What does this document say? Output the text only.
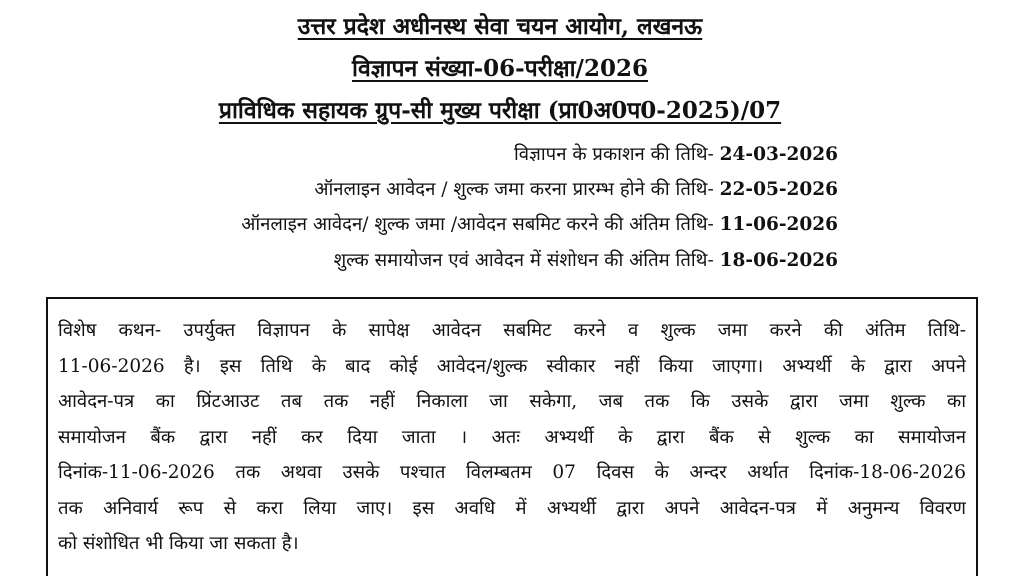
उत्तर प्रदेश अधीनस्थ सेवा चयन आयोग, लखनऊ
विज्ञापन संख्या-06-परीक्षा/2026
प्राविधिक सहायक ग्रुप-सी मुख्य परीक्षा (प्रा0अ0प0-2025)/07
विज्ञापन के प्रकाशन की तिथि- 24-03-2026
ऑनलाइन आवेदन / शुल्क जमा करना प्रारम्भ होने की तिथि- 22-05-2026
ऑनलाइन आवेदन/ शुल्क जमा /आवेदन सबमिट करने की अंतिम तिथि- 11-06-2026
शुल्क समायोजन एवं आवेदन में संशोधन की अंतिम तिथि- 18-06-2026
विशेष कथन- उपर्युक्त विज्ञापन के सापेक्ष आवेदन सबमिट करने व शुल्क जमा करने की अंतिम तिथि-
11-06-2026 है। इस तिथि के बाद कोई आवेदन/शुल्क स्वीकार नहीं किया जाएगा। अभ्यर्थी के द्वारा अपने
आवेदन-पत्र का प्रिंटआउट तब तक नहीं निकाला जा सकेगा, जब तक कि उसके द्वारा जमा शुल्क का
समायोजन बैंक द्वारा नहीं कर दिया जाता । अतः अभ्यर्थी के द्वारा बैंक से शुल्क का समायोजन
दिनांक-11-06-2026 तक अथवा उसके पश्चात विलम्बतम 07 दिवस के अन्दर अर्थात दिनांक-18-06-2026
तक अनिवार्य रूप से करा लिया जाए। इस अवधि में अभ्यर्थी द्वारा अपने आवेदन-पत्र में अनुमन्य विवरण
को संशोधित भी किया जा सकता है।
